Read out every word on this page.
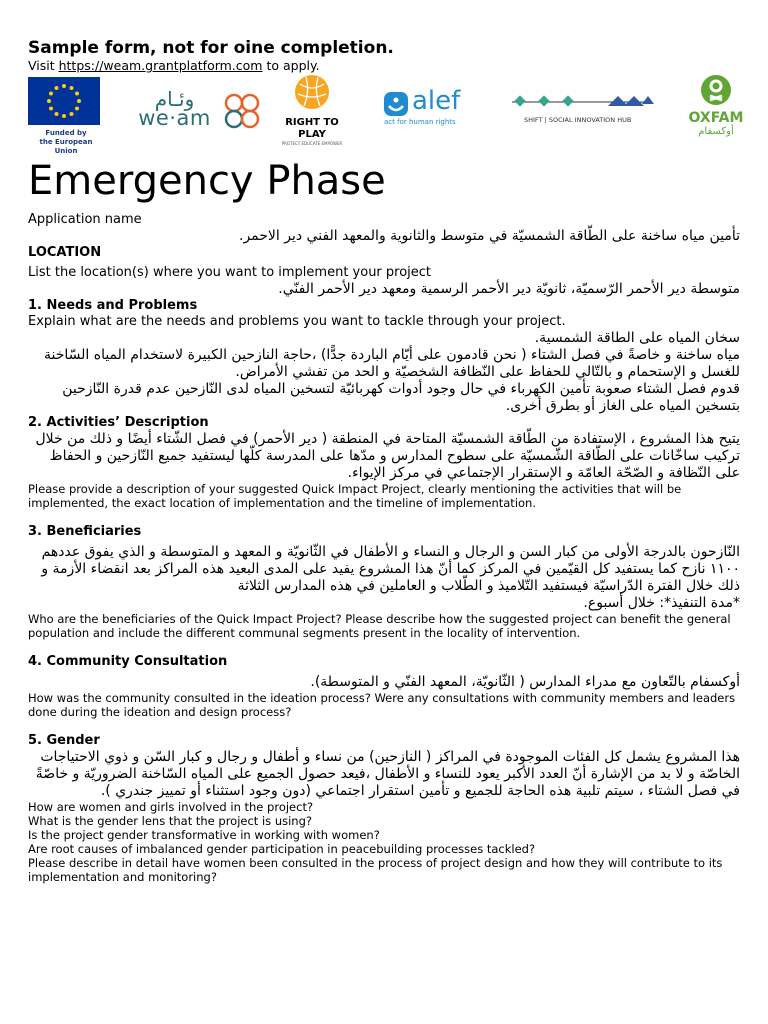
Sample form, not for oine completion.

Visit https://weam.grantplatform.com to apply.

Funded by
the European Union
وئـام
we·am	RIGHT TO PLAY
PROTECT EDUCATE EMPOWER
alef
act for human rights	SHIFT | SOCIAL INNOVATION HUB	OXFAM
أوكسفام
Emergency Phase

Application name

تأمين مياه ساخنة على الطّاقة الشمسيّة في متوسط والثانوية والمعهد الفني دير الاحمر.

LOCATION

List the location(s) where you want to implement your project

متوسطة دير الأحمر الرّسميّة، ثانويّة دير الأحمر الرسمية ومعهد دير الأحمر الفنّي.

1. Needs and Problems

Explain what are the needs and problems you want to tackle through your project.

سخان المياه على الطاقة الشمسية.

مياه ساخنة و خاصةً في فصل الشتاء ( نحن قادمون على أيّام الباردة جدًّا) ،حاجة النازحين الكبيرة لاستخدام المياه السّاخنة للغسل و الإستحمام و بالتّالي للحفاظ على النّظافة الشخصيّة و الحد من تفشي الأمراض.

قدوم فصل الشتاء صعوبة تأمين الكهرباء في حال وجود أدوات كهربائيّة لتسخين المياه لدى النّازحين عدم قدرة النّازحين بتسخين المياه على الغاز أو بطرق أخرى.

2. Activities’ Description

يتيح هذا المشروع ، الإستفادة من الطّاقة الشمسيّة المتاحة في المنطقة ( دير الأحمر) في فصل الشّتاء أيضًا و ذلك من خلال تركيب ساخّانات على الطّاقة الشّمسيّة على سطوح المدارس و مدّها على المدرسة كلّها ليستفيد جميع النّازحين و الحفاظ على النّظافة و الصّحّة العامّة و الإستقرار الإجتماعي في مركز الإيواء.

Please provide a description of your suggested Quick Impact Project, clearly mentioning the activities that will be implemented, the exact location of implementation and the timeline of implementation.

3. Beneficiaries

النّازحون بالدرجة الأولى من كبار السن و الرجال و النساء و الأطفال في الثّانويّة و المعهد و المتوسطة و الذي يفوق عددهم ١١٠٠ نازح كما يستفيد كل القيّمين في المركز كما أنّ هذا المشروع يفيد على المدى البعيد هذه المراكز بعد انقضاء الأزمة و ذلك خلال الفترة الدّراسيّة فيستفيد التّلاميذ و الطّلاب و العاملين في هذه المدارس الثلاثة

*مدة التنفيذ*: خلال أسبوع.

Who are the beneficiaries of the Quick Impact Project? Please describe how the suggested project can benefit the general population and include the different communal segments present in the locality of intervention.

4. Community Consultation

أوكسفام بالتّعاون مع مدراء المدارس ( الثّانويّة، المعهد الفنّي و المتوسطة).

How was the community consulted in the ideation process? Were any consultations with community members and leaders done during the ideation and design process?

5. Gender

هذا المشروع يشمل كل الفئات الموجودة في المراكز ( النازحين) من نساء و أطفال و رجال و كبار السّن و ذوي الاحتياجات الخاصّة و لا بد من الإشارة أنّ العدد الأكبر يعود للنساء و الأطفال ،فيعد حصول الجميع على المياه السّاخنة الضروريّة و خاصّةً في فصل الشتاء ، سيتم تلبية هذه الحاجة للجميع و تأمين استقرار اجتماعي (دون وجود استثناء أو تمييز جندري ).

How are women and girls involved in the project?

What is the gender lens that the project is using?

Is the project gender transformative in working with women?

Are root causes of imbalanced gender participation in peacebuilding processes tackled?

Please describe in detail have women been consulted in the process of project design and how they will contribute to its implementation and monitoring?
